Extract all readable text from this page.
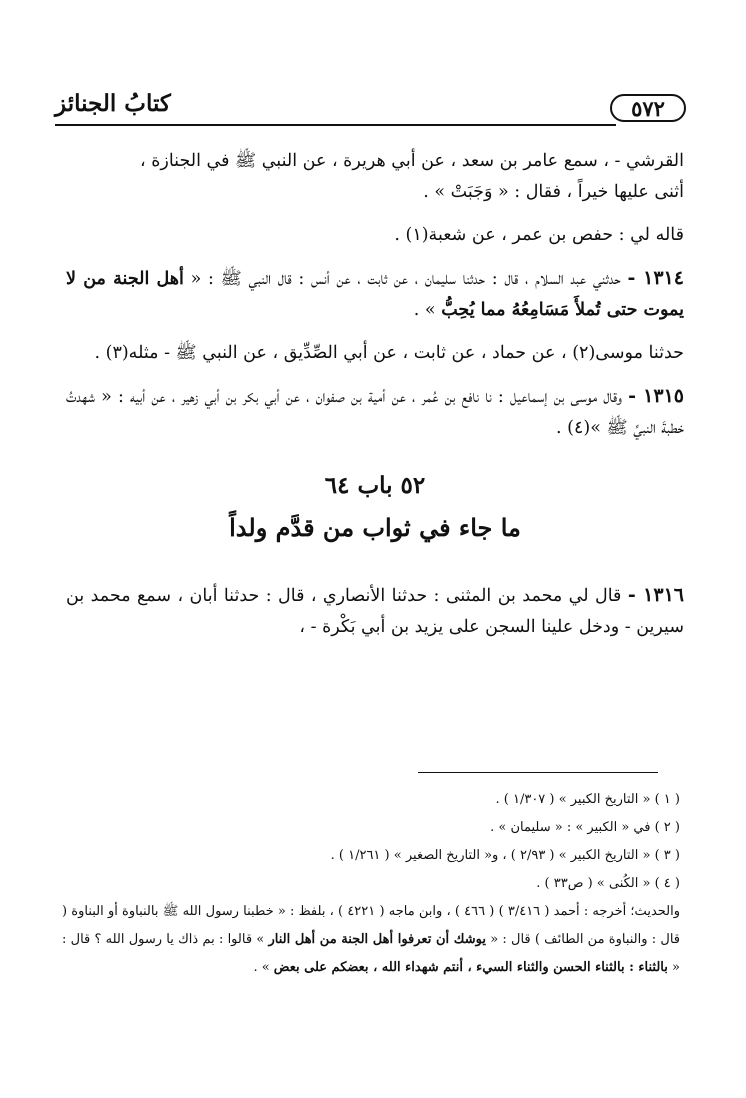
٥٧٢
كتابُ الجنائز

القرشي - ، سمع عامر بن سعد ، عن أبي هريرة ، عن النبي ﷺ في الجنازة ،
أثنى عليها خيراً ، فقال : « وَجَبَتْ » .

قاله لي : حفص بن عمر ، عن شعبة(١) .

١٣١٤ - حدثني عبد السلام ، قال : حدثنا سليمان ، عن ثابت ، عن أنس : قال النبي ﷺ : « أهل الجنة من لا يموت حتى تُملأَ مَسَامِعُهُ مما يُحِبُّ » .

حدثنا موسى(٢) ، عن حماد ، عن ثابت ، عن أبي الصِّدِّيق ، عن النبي ﷺ - مثله(٣) .

١٣١٥ - وقال موسى بن إسماعيل : نا نافع بن عُمر ، عن أمية بن صفوان ، عن أبي بكر بن أبي زهير ، عن أبيه : « شهدتُ خطبةَ النبيِّ ﷺ »(٤) .

٥٢ باب ٦٤

ما جاء في ثواب من قدَّم ولداً

١٣١٦ - قال لي محمد بن المثنى : حدثنا الأنصاري ، قال : حدثنا أبان ، سمع محمد بن سيرين - ودخل علينا السجن على يزيد بن أبي بَكْرة - ،

( ١ ) « التاريخ الكبير » ( ١/٣٠٧ ) .

( ٢ ) في « الكبير » : « سليمان » .

( ٣ ) « التاريخ الكبير » ( ٢/٩٣ ) ، و« التاريخ الصغير » ( ١/٢٦١ ) .

( ٤ ) « الكُنى » ( ص٣٣ ) .

والحديث؛ أخرجه : أحمد ( ٣/٤١٦ ) ( ٤٦٦ ) ، وابن ماجه ( ٤٢٢١ ) ، بلفظ : « خطبنا رسول الله ﷺ بالنباوة أو البناوة ( قال : والنباوة من الطائف ) قال : « يوشك أن تعرفوا أهل الجنة من أهل النار » قالوا : بم ذاك يا رسول الله ؟ قال : « بالثناء : بالثناء الحسن والثناء السيء ، أنتم شهداء الله ، بعضكم على بعض » .
